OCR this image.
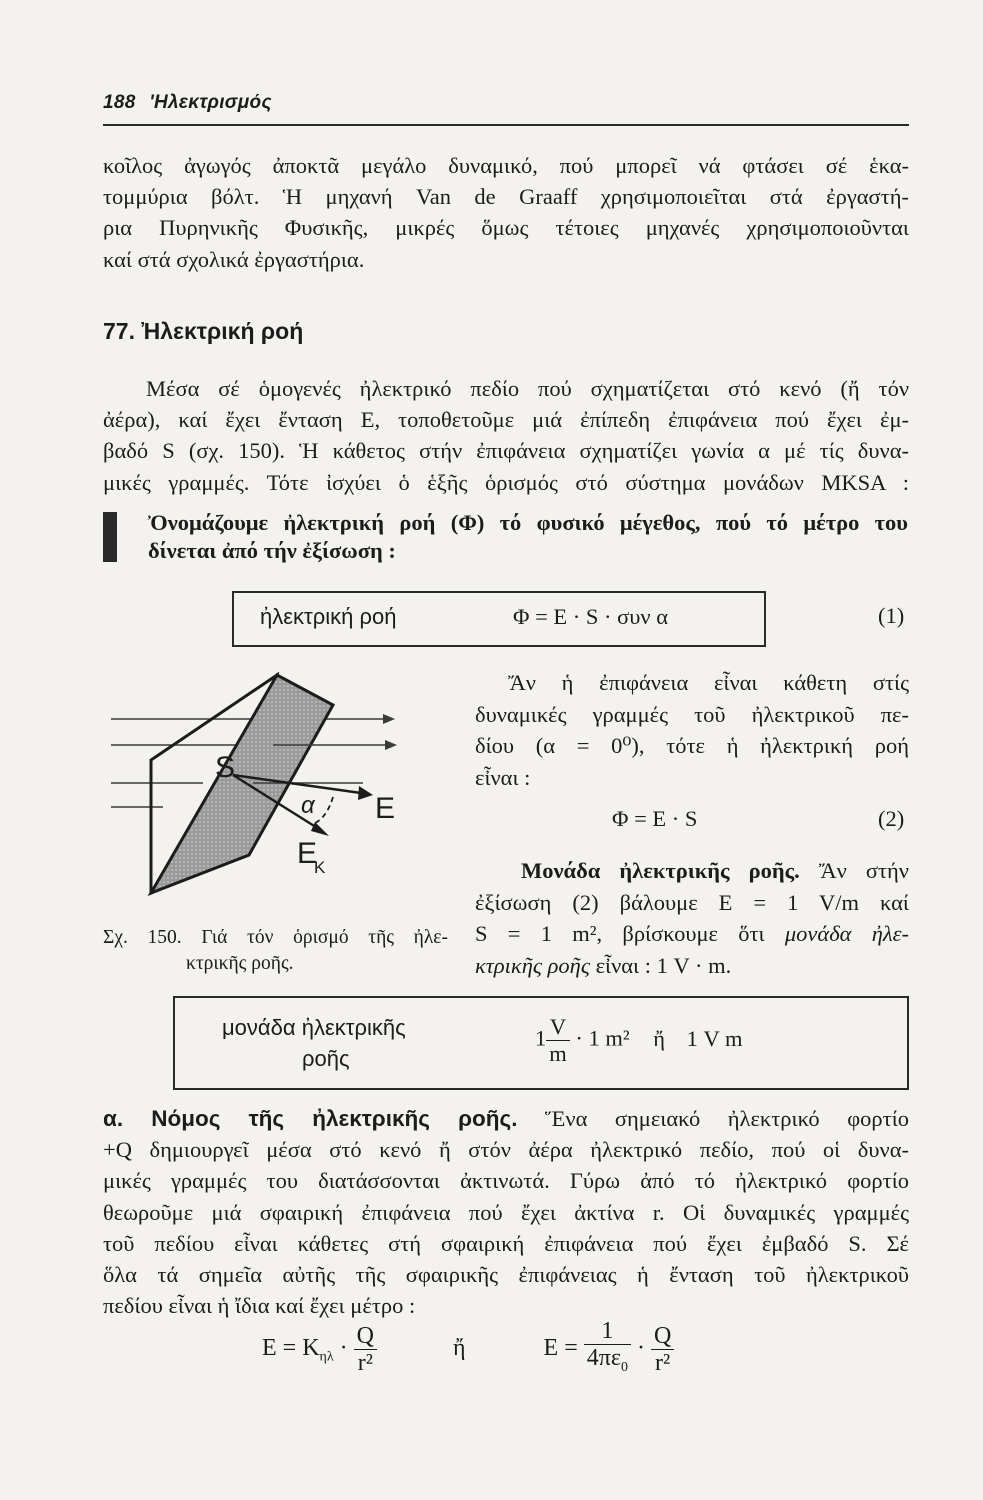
188 'Ηλεκτρισμός
κοῖλος ἀγωγός ἀποκτᾶ μεγάλο δυναμικό, πού μπορεῖ νά φτάσει σέ ἑκα-
τομμύρια βόλτ. Ἡ μηχανή Van de Graaff χρησιμοποιεῖται στά ἐργαστή-
ρια Πυρηνικῆς Φυσικῆς, μικρές ὅμως τέτοιες μηχανές χρησιμοποιοῦνται
καί στά σχολικά ἐργαστήρια.
77. Ἠλεκτρική ροή
Μέσα σέ ὁμογενές ἠλεκτρικό πεδίο πού σχηματίζεται στό κενό (ἤ τόν
ἀέρα), καί ἔχει ἔνταση E, τοποθετοῦμε μιά ἐπίπεδη ἐπιφάνεια πού ἔχει ἐμ-
βαδό S (σχ. 150). Ἡ κάθετος στήν ἐπιφάνεια σχηματίζει γωνία α μέ τίς δυνα-
μικές γραμμές. Τότε ἰσχύει ὁ ἑξῆς ὁρισμός στό σύστημα μονάδων MKSA :
Ὀνομάζουμε ἠλεκτρική ροή (Φ) τό φυσικό μέγεθος, πού τό μέτρο του
δίνεται ἀπό τήν ἐξίσωση :
ἠλεκτρική ροή	Φ = E · S · συν α	(1)
S
E
α
E
K
Σχ. 150. Γιά τόν ὁρισμό τῆς ἠλε-
κτρικῆς ροῆς.
Ἄν ἡ ἐπιφάνεια εἶναι κάθετη στίς
δυναμικές γραμμές τοῦ ἠλεκτρικοῦ πε-
δίου (α = 0⁰), τότε ἡ ἠλεκτρική ροή
εἶναι :
Φ = E · S	(2)
Μονάδα ἠλεκτρικῆς ροῆς. Ἄν στήν
ἐξίσωση (2) βάλουμε E = 1 V/m καί
S = 1 m², βρίσκουμε ὅτι μονάδα ἠλε-
κτρικῆς ροῆς εἶναι : 1 V · m.
μονάδα ἠλεκτρικῆς
ροῆς
$1 \frac{V}{m} \cdot 1$ m² ἤ 1 V m
α. Νόμος τῆς ἠλεκτρικῆς ροῆς. Ἕνα σημειακό ἠλεκτρικό φορτίο
+Q δημιουργεῖ μέσα στό κενό ἤ στόν ἀέρα ἠλεκτρικό πεδίο, πού οἱ δυνα-
μικές γραμμές του διατάσσονται ἀκτινωτά. Γύρω ἀπό τό ἠλεκτρικό φορτίο
θεωροῦμε μιά σφαιρική ἐπιφάνεια πού ἔχει ἀκτίνα r. Οἱ δυναμικές γραμμές
τοῦ πεδίου εἶναι κάθετες στή σφαιρική ἐπιφάνεια πού ἔχει ἐμβαδό S. Σέ
ὅλα τά σημεῖα αὐτῆς τῆς σφαιρικῆς ἐπιφάνειας ἡ ἔνταση τοῦ ἠλεκτρικοῦ
πεδίου εἶναι ἡ ἴδια καί ἔχει μέτρο :
$E = K_{\eta\lambda} \cdot \frac{Q}{\text{r²}}$	ἤ	$E = \frac{1}{4\pi\varepsilon_0} \cdot \frac{Q}{\text{r²}}$
